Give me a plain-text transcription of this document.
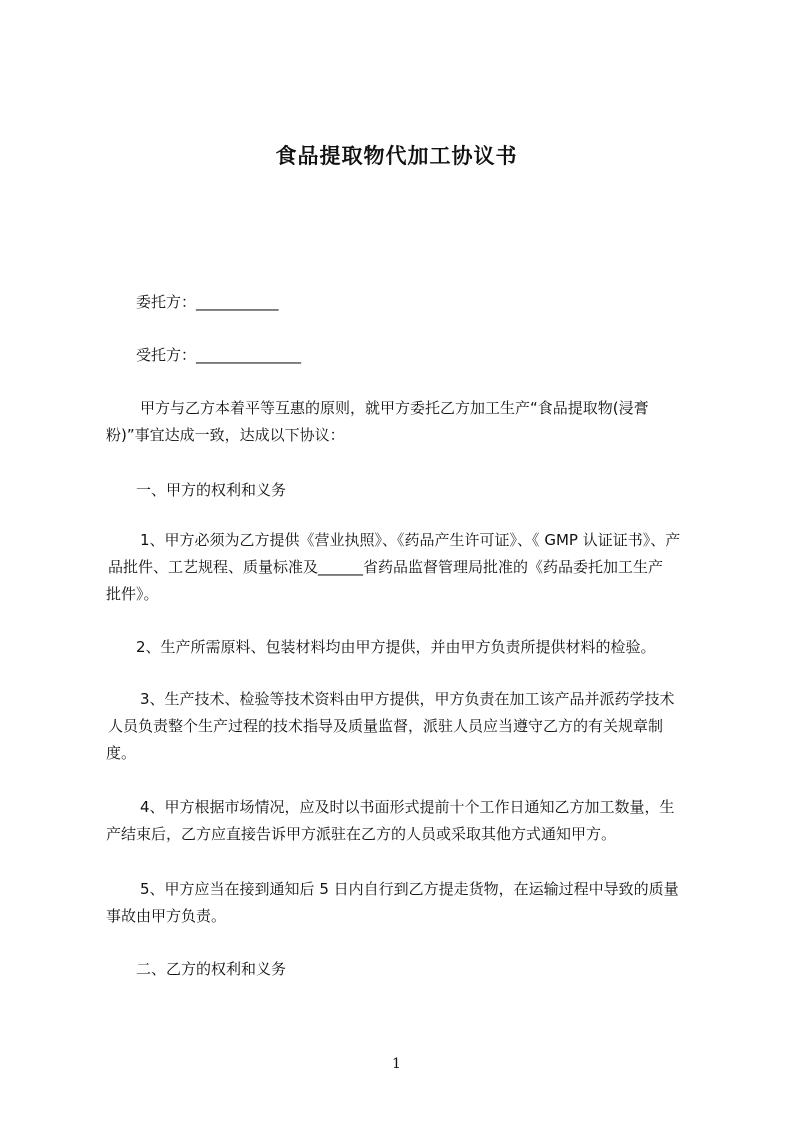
食品提取物代加工协议书
委托方：___________
受托方：______________
甲方与乙方本着平等互惠的原则，就甲方委托乙方加工生产“食品提取物(浸膏
粉)”事宜达成一致，达成以下协议：
一、甲方的权利和义务
1、甲方必须为乙方提供《营业执照》、《药品产生许可证》、《 GMP 认证证书》、产
品批件、工艺规程、质量标准及______省药品监督管理局批准的《药品委托加工生产
批件》。
2、生产所需原料、包装材料均由甲方提供，并由甲方负责所提供材料的检验。
3、生产技术、检验等技术资料由甲方提供，甲方负责在加工该产品并派药学技术
人员负责整个生产过程的技术指导及质量监督，派驻人员应当遵守乙方的有关规章制
度。
4、甲方根据市场情况，应及时以书面形式提前十个工作日通知乙方加工数量，生
产结束后，乙方应直接告诉甲方派驻在乙方的人员或采取其他方式通知甲方。
5、甲方应当在接到通知后 5 日内自行到乙方提走货物，在运输过程中导致的质量
事故由甲方负责。
二、乙方的权利和义务
1
